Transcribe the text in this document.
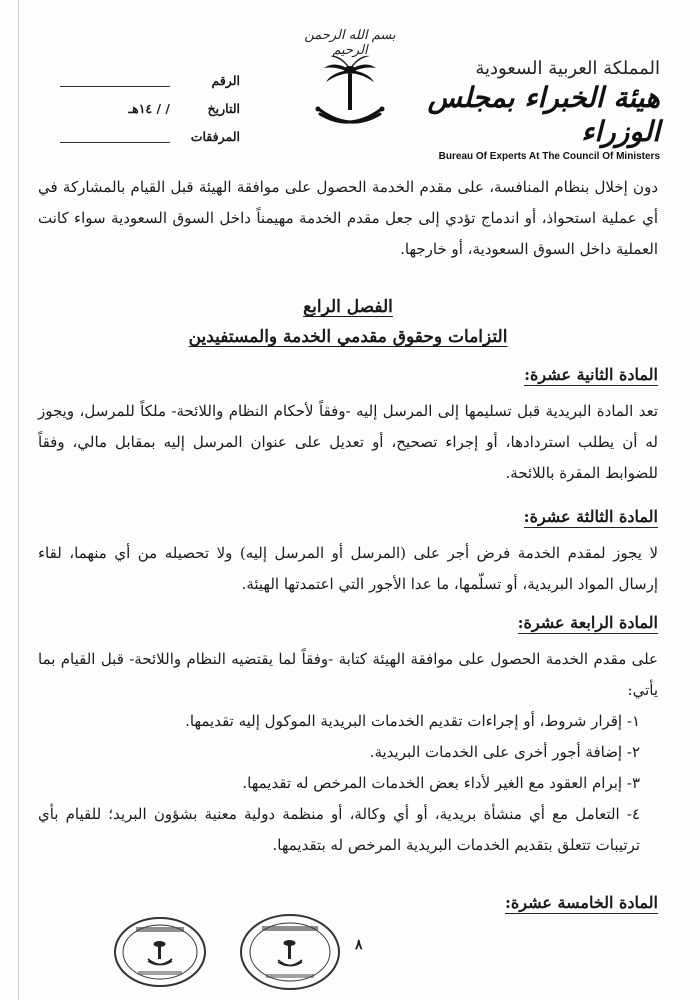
بسم الله الرحمن الرحيم
المملكة العربية السعودية
هيئة الخبراء بمجلس الوزراء
Bureau Of Experts At The Council Of Ministers
الرقم
التاريخ
/ / ١٤هـ
المرفقات

دون إخلال بنظام المنافسة، على مقدم الخدمة الحصول على موافقة الهيئة قبل القيام بالمشاركة في أي عملية استحواذ، أو اندماج تؤدي إلى جعل مقدم الخدمة مهيمناً داخل السوق السعودية سواء كانت العملية داخل السوق السعودية، أو خارجها.

الفصل الرابع

التزامات وحقوق مقدمي الخدمة والمستفيدين

المادة الثانية عشرة:

تعد المادة البريدية قبل تسليمها إلى المرسل إليه -وفقاً لأحكام النظام واللائحة- ملكاً للمرسل، ويجوز له أن يطلب استردادها، أو إجراء تصحيح، أو تعديل على عنوان المرسل إليه بمقابل مالي، وفقاً للضوابط المقرة باللائحة.

المادة الثالثة عشرة:

لا يجوز لمقدم الخدمة فرض أجر على (المرسل أو المرسل إليه) ولا تحصيله من أي منهما، لقاء إرسال المواد البريدية، أو تسلّمها، ما عدا الأجور التي اعتمدتها الهيئة.

المادة الرابعة عشرة:

على مقدم الخدمة الحصول على موافقة الهيئة كتابة -وفقاً لما يقتضيه النظام واللائحة- قبل القيام بما يأتي:

١- إقرار شروط، أو إجراءات تقديم الخدمات البريدية الموكول إليه تقديمها.

٢- إضافة أجور أخرى على الخدمات البريدية.

٣- إبرام العقود مع الغير لأداء بعض الخدمات المرخص له تقديمها.

٤- التعامل مع أي منشأة بريدية، أو أي وكالة، أو منظمة دولية معنية بشؤون البريد؛ للقيام بأي ترتيبات تتعلق بتقديم الخدمات البريدية المرخص له بتقديمها.

المادة الخامسة عشرة:

٨
